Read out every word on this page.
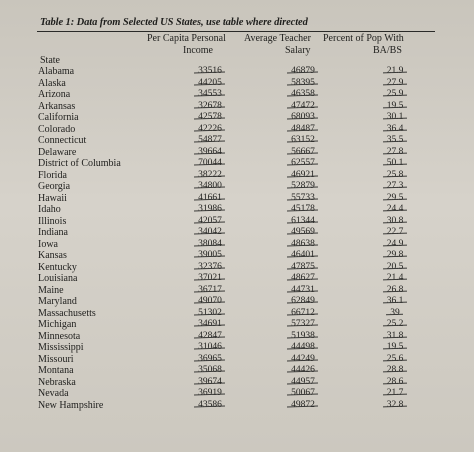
Table 1: Data from Selected US States, use table where directed
Per Capita Personal
Income
Average Teacher
Salary
Percent of Pop With
BA/BS
State
Alabama
Alaska
Arizona
Arkansas
California
Colorado
Connecticut
Delaware
District of Columbia
Florida
Georgia
Hawaii
Idaho
Illinois
Indiana
Iowa
Kansas
Kentucky
Louisiana
Maine
Maryland
Massachusetts
Michigan
Minnesota
Mississippi
Missouri
Montana
Nebraska
Nevada
New Hampshire
33516
44205
34553
32678
42578
42226
54877
39664
70044
38222
34800
41661
31986
42057
34042
38084
39005
32376
37021
36717
49070
51302
34691
42847
31046
36965
35068
39674
36919
43586
46879
58395
46358
47472
68093
48487
63152
56667
62557
46921
52879
55733
45178
61344
49569
48638
46401
47875
48627
44731
62849
66712
57327
51938
44498
44249
44426
44957
50067
49872
21.9
27.9
25.9
19.5
30.1
36.4
35.5
27.8
50.1
25.8
27.3
29.5
24.4
30.8
22.7
24.9
29.8
20.5
21.4
26.8
36.1
39
25.2
31.8
19.5
25.6
28.8
28.6
21.7
32.8
